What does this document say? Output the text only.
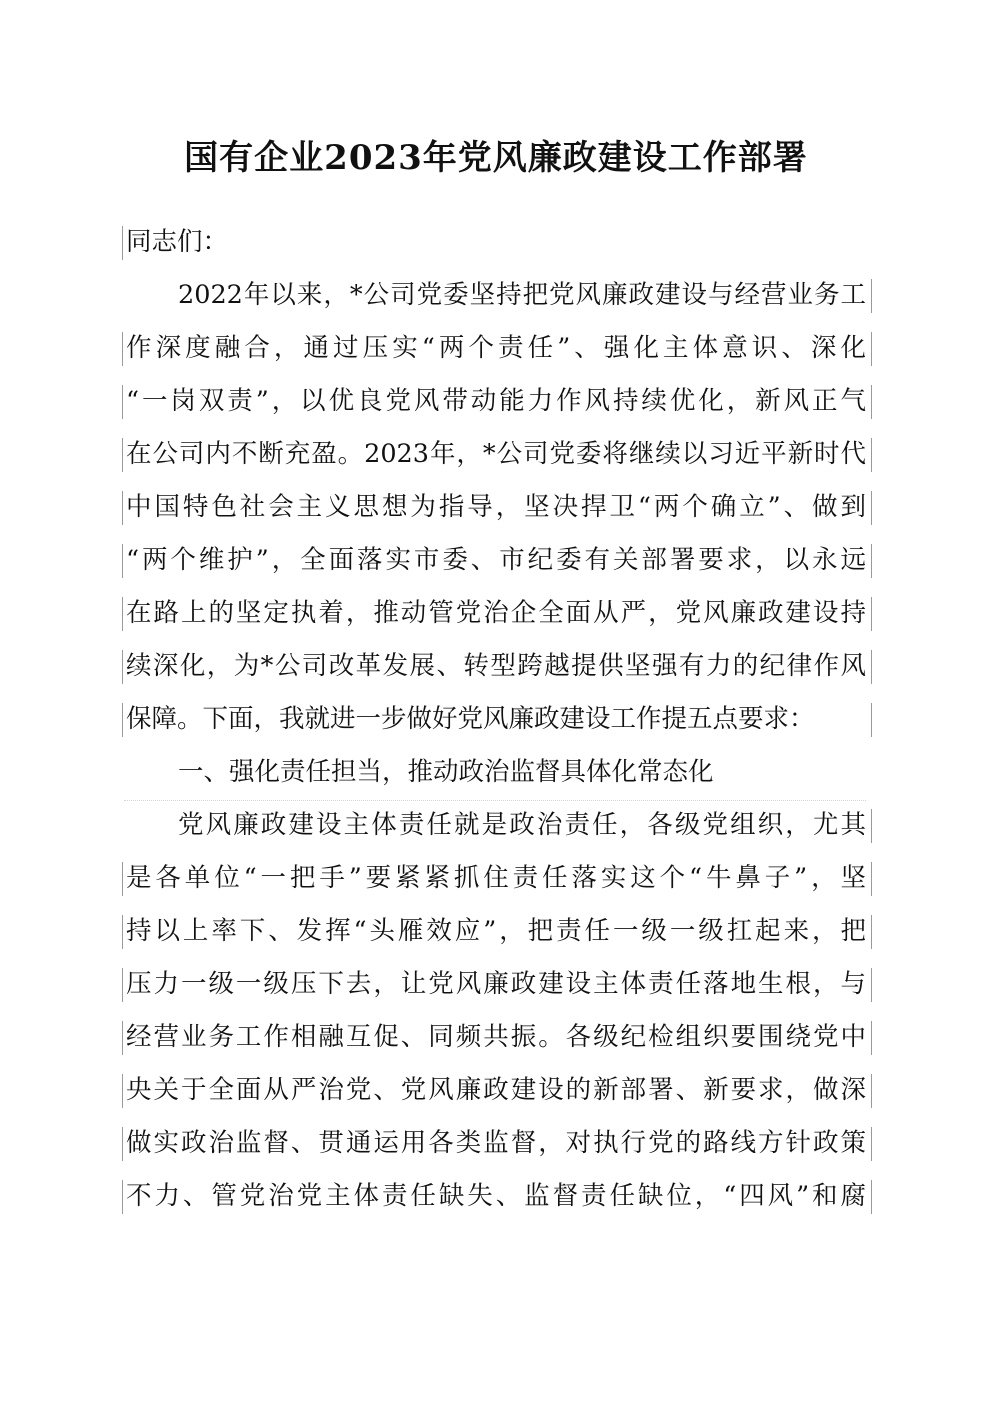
国有企业2023年党风廉政建设工作部署
同志们：
2022年以来，*公司党委坚持把党风廉政建设与经营业务工
作深度融合，通过压实“两个责任”、强化主体意识、深化
“一岗双责”，以优良党风带动能力作风持续优化，新风正气
在公司内不断充盈。2023年，*公司党委将继续以习近平新时代
中国特色社会主义思想为指导，坚决捍卫“两个确立”、做到
“两个维护”，全面落实市委、市纪委有关部署要求，以永远
在路上的坚定执着，推动管党治企全面从严，党风廉政建设持
续深化，为*公司改革发展、转型跨越提供坚强有力的纪律作风
保障。下面，我就进一步做好党风廉政建设工作提五点要求：
一、强化责任担当，推动政治监督具体化常态化
党风廉政建设主体责任就是政治责任，各级党组织，尤其
是各单位“一把手”要紧紧抓住责任落实这个“牛鼻子”，坚
持以上率下、发挥“头雁效应”，把责任一级一级扛起来，把
压力一级一级压下去，让党风廉政建设主体责任落地生根，与
经营业务工作相融互促、同频共振。各级纪检组织要围绕党中
央关于全面从严治党、党风廉政建设的新部署、新要求，做深
做实政治监督、贯通运用各类监督，对执行党的路线方针政策
不力、管党治党主体责任缺失、监督责任缺位，“四风”和腐
